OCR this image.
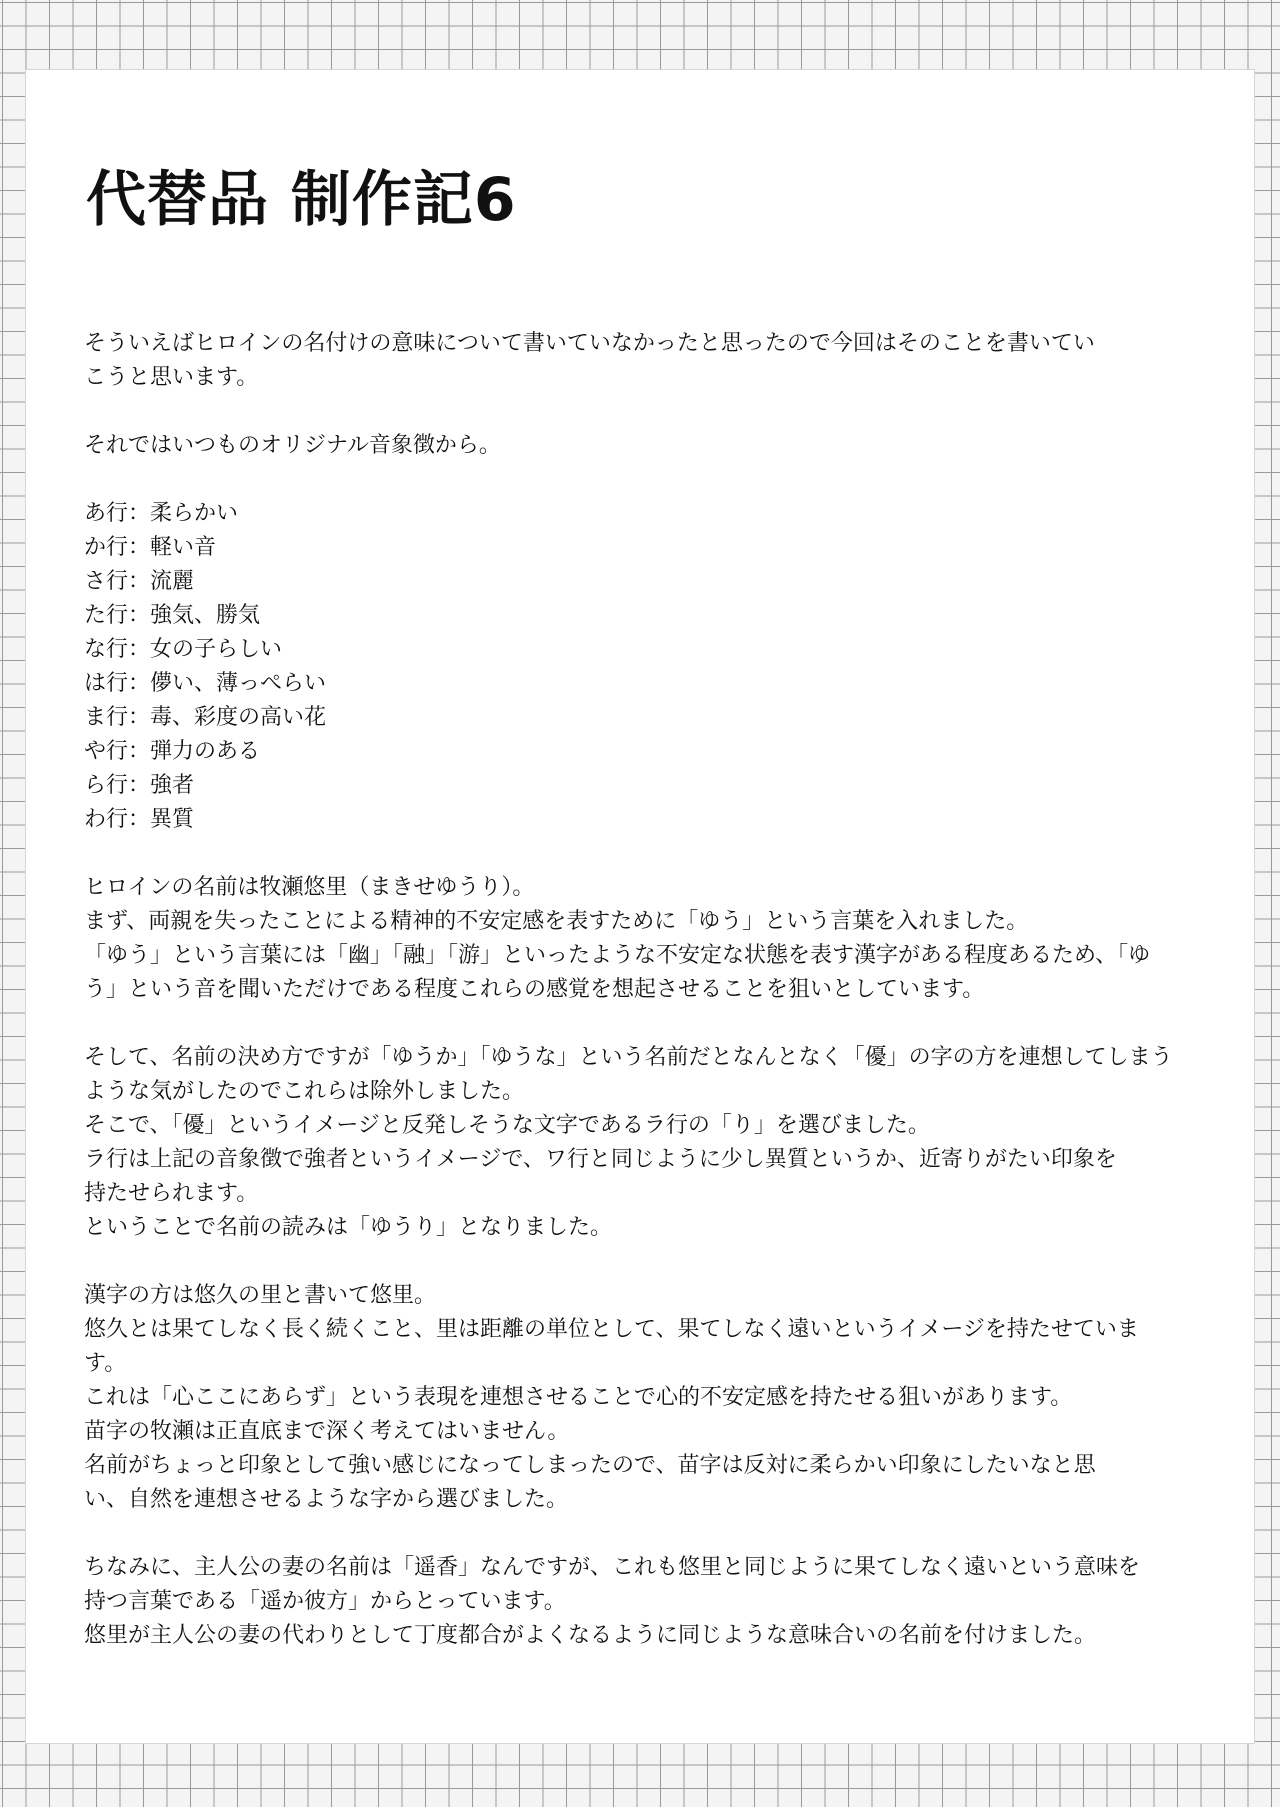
代替品 制作記6

そういえばヒロインの名付けの意味について書いていなかったと思ったので今回はそのことを書いてい
こうと思います。

それではいつものオリジナル音象徴から。

あ行：柔らかい
か行：軽い音
さ行：流麗
た行：強気、勝気
な行：女の子らしい
は行：儚い、薄っぺらい
ま行：毒、彩度の高い花
や行：弾力のある
ら行：強者
わ行：異質

ヒロインの名前は牧瀬悠里（まきせゆうり）。
まず、両親を失ったことによる精神的不安定感を表すために「ゆう」という言葉を入れました。
「ゆう」という言葉には「幽」「融」「游」といったような不安定な状態を表す漢字がある程度あるため、「ゆ
う」という音を聞いただけである程度これらの感覚を想起させることを狙いとしています。

そして、名前の決め方ですが「ゆうか」「ゆうな」という名前だとなんとなく「優」の字の方を連想してしまう
ような気がしたのでこれらは除外しました。
そこで、「優」というイメージと反発しそうな文字であるラ行の「り」を選びました。
ラ行は上記の音象徴で強者というイメージで、ワ行と同じように少し異質というか、近寄りがたい印象を
持たせられます。
ということで名前の読みは「ゆうり」となりました。

漢字の方は悠久の里と書いて悠里。
悠久とは果てしなく長く続くこと、里は距離の単位として、果てしなく遠いというイメージを持たせていま
す。
これは「心ここにあらず」という表現を連想させることで心的不安定感を持たせる狙いがあります。
苗字の牧瀬は正直底まで深く考えてはいません。
名前がちょっと印象として強い感じになってしまったので、苗字は反対に柔らかい印象にしたいなと思
い、自然を連想させるような字から選びました。

ちなみに、主人公の妻の名前は「遥香」なんですが、これも悠里と同じように果てしなく遠いという意味を
持つ言葉である「遥か彼方」からとっています。
悠里が主人公の妻の代わりとして丁度都合がよくなるように同じような意味合いの名前を付けました。
